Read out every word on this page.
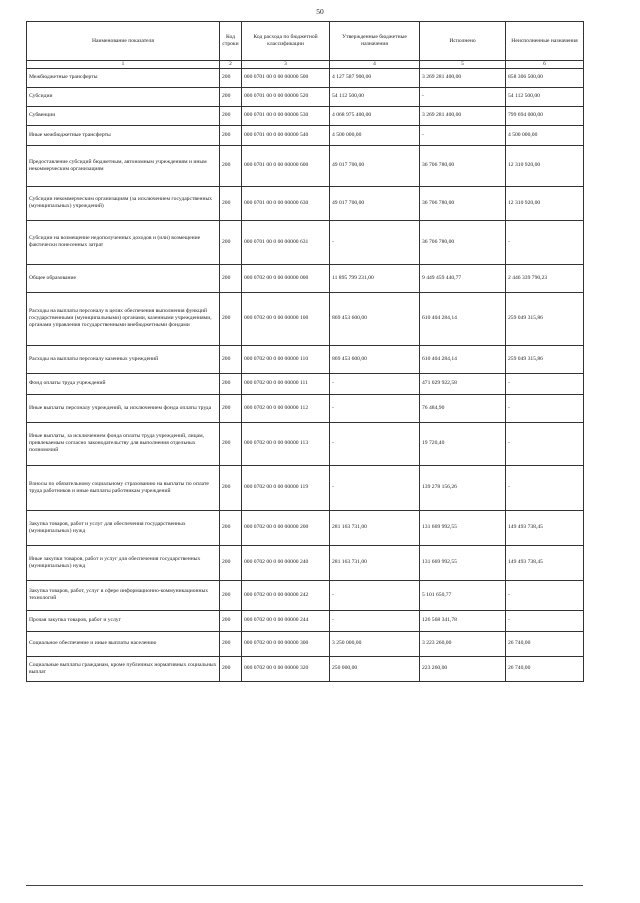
50
Наименование показателя	Код строки	Код расхода по бюджетной классификации	Утвержденные бюджетные назначения	Исполнено	Неисполненные назначения
1	2	3	4	5	6
Межбюджетные трансферты	200	000 0701 00 0 00 00000 500	4 127 587 900,00	3 269 281 400,00	858 306 500,00
Субсидии	200	000 0701 00 0 00 00000 520	54 112 500,00	-	54 112 500,00
Субвенции	200	000 0701 00 0 00 00000 530	4 068 975 400,00	3 269 281 400,00	799 694 000,00
Иные межбюджетные трансферты	200	000 0701 00 0 00 00000 540	4 500 000,00	-	4 500 000,00
Предоставление субсидий бюджетным, автономным учреждениям и иным некоммерческим организациям	200	000 0701 00 0 00 00000 600	49 017 700,00	36 706 780,00	12 310 920,00
Субсидии некоммерческим организациям (за исключением государственных (муниципальных) учреждений)	200	000 0701 00 0 00 00000 630	49 017 700,00	36 706 780,00	12 310 920,00
Субсидии на возмещение недополученных доходов и (или) возмещение фактически понесенных затрат	200	000 0701 00 0 00 00000 631	-	36 706 780,00	-
Общее образование	200	000 0702 00 0 00 00000 000	11 895 799 231,00	9 449 459 440,77	2 446 339 790,23
Расходы на выплаты персоналу в целях обеспечения выполнения функций государственными (муниципальными) органами, казенными учреждениями, органами управления государственными внебюджетными фондами	200	000 0702 00 0 00 00000 100	869 453 600,00	610 404 284,14	259 049 315,86
Расходы на выплаты персоналу казенных учреждений	200	000 0702 00 0 00 00000 110	869 453 600,00	610 404 284,14	259 049 315,86
Фонд оплаты труда учреждений	200	000 0702 00 0 00 00000 111	-	471 029 922,58	-
Иные выплаты персоналу учреждений, за исключением фонда оплаты труда	200	000 0702 00 0 00 00000 112	-	76 484,90	-
Иные выплаты, за исключением фонда оплаты труда учреждений, лицам, привлекаемым согласно законодательству для выполнения отдельных полномочий	200	000 0702 00 0 00 00000 113	-	19 720,40	-
Взносы по обязательному социальному страхованию на выплаты по оплате труда работников и иные выплаты работникам учреждений	200	000 0702 00 0 00 00000 119	-	139 278 156,26	-
Закупка товаров, работ и услуг для обеспечения государственных (муниципальных) нужд	200	000 0702 00 0 00 00000 200	281 163 731,00	131 669 992,55	149 493 738,45
Иные закупки товаров, работ и услуг для обеспечения государственных (муниципальных) нужд	200	000 0702 00 0 00 00000 240	281 163 731,00	131 669 992,55	149 493 738,45
Закупка товаров, работ, услуг в сфере информационно-коммуникационных технологий	200	000 0702 00 0 00 00000 242	-	5 101 650,77	-
Прочая закупка товаров, работ и услуг	200	000 0702 00 0 00 00000 244	-	126 568 341,78	-
Социальное обеспечение и иные выплаты населению	200	000 0702 00 0 00 00000 300	3 250 000,00	3 223 260,00	26 740,00
Социальные выплаты гражданам, кроме публичных нормативных социальных выплат	200	000 0702 00 0 00 00000 320	250 000,00	223 260,00	26 740,00
